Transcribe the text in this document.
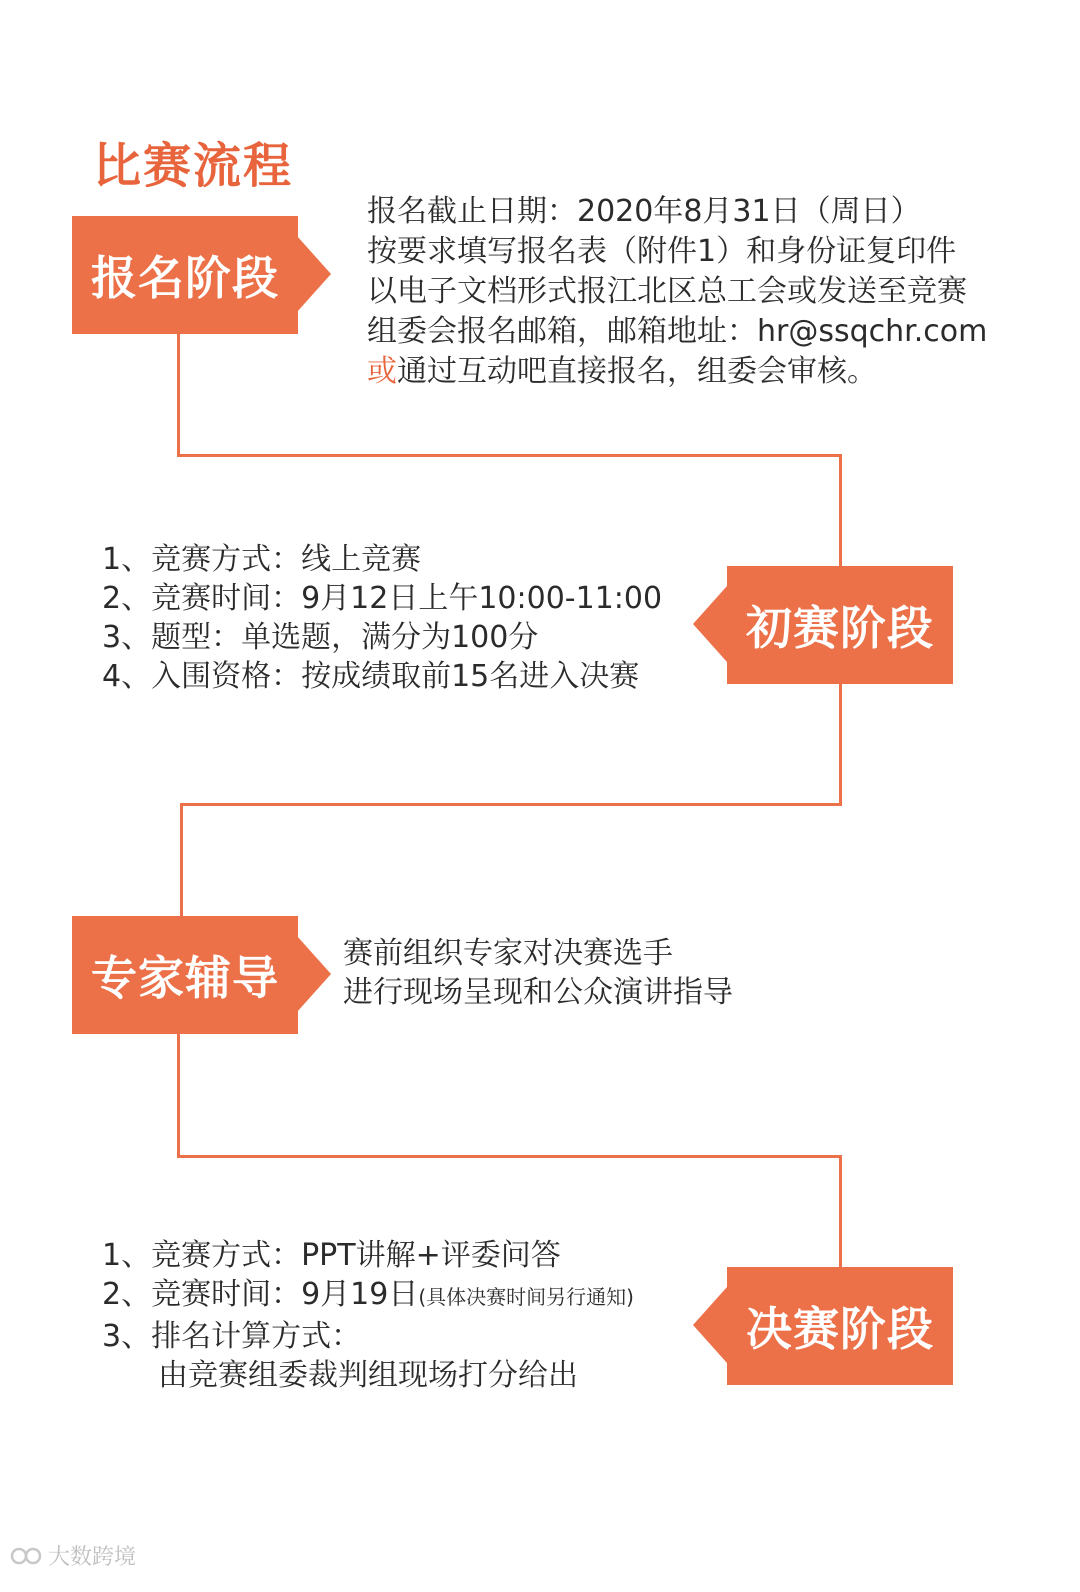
比赛流程
报名阶段
报名截止日期：2020年8月31日（周日）
按要求填写报名表（附件1）和身份证复印件
以电子文档形式报江北区总工会或发送至竞赛
组委会报名邮箱，邮箱地址：hr@ssqchr.com
或通过互动吧直接报名，组委会审核。
1、竞赛方式：线上竞赛
2、竞赛时间：9月12日上午10:00-11:00
3、题型：单选题，满分为100分
4、入围资格：按成绩取前15名进入决赛
初赛阶段
专家辅导 赛前组织专家对决赛选手
进行现场呈现和公众演讲指导
1、竞赛方式：PPT讲解+评委问答
2、竞赛时间：9月19日(具体决赛时间另行通知)
3、排名计算方式：
由竞赛组委裁判组现场打分给出
决赛阶段
大数跨境
